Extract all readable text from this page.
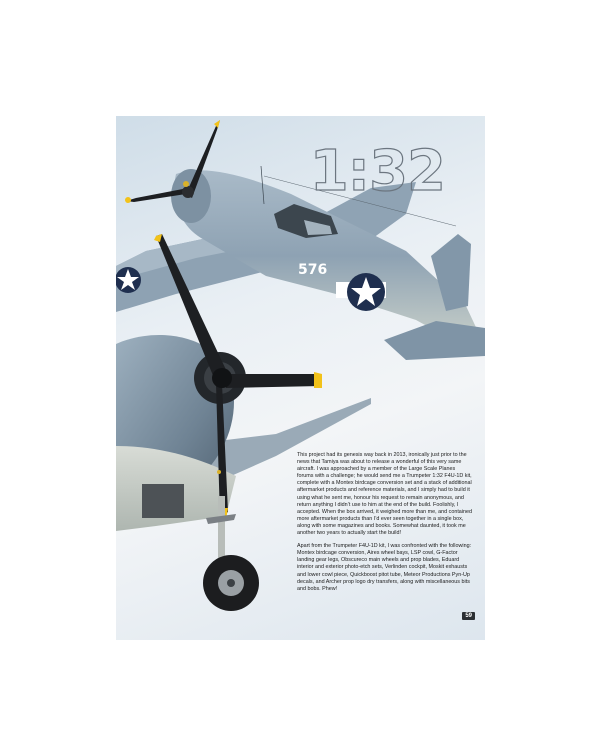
576
1:32

This project had its genesis way back in 2013, ironically just prior to the news that Tamiya was about to release a wonderful of this very same aircraft. I was approached by a member of the Large Scale Planes forums with a challenge; he would send me a Trumpeter 1:32 F4U-1D kit, complete with a Montex birdcage conversion set and a stack of additional aftermarket products and reference materials, and I simply had to build it using what he sent me, honour his request to remain anonymous, and return anything I didn’t use to him at the end of the build. Foolishly, I accepted. When the box arrived, it weighed more than me, and contained more aftermarket products than I’d ever seen together in a single box, along with some magazines and books. Somewhat daunted, it took me another two years to actually start the build!

Apart from the Trumpeter F4U-1D kit, I was confronted with the following: Montex birdcage conversion, Aires wheel bays, LSP cowl, G-Factor landing gear legs, Obscureco main wheels and prop blades, Eduard interior and exterior photo-etch sets, Verlinden cockpit, Moskit exhausts and lower cowl piece, Quickboost pitot tube, Meteor Productions Pyn-Up decals, and Archer prop logo dry transfers, along with miscellaneous bits and bobs. Phew!

59
